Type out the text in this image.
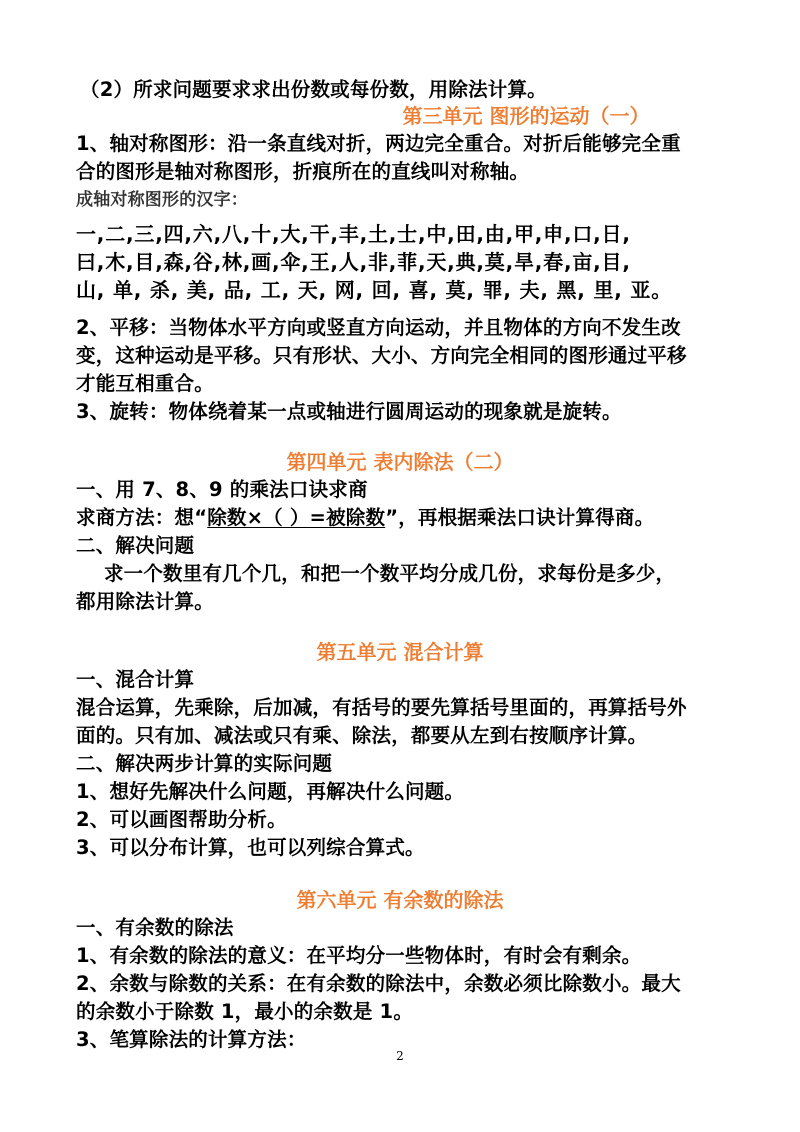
（2）所求问题要求求出份数或每份数，用除法计算。
第三单元 图形的运动（一）
1、轴对称图形：沿一条直线对折，两边完全重合。对折后能够完全重
合的图形是轴对称图形，折痕所在的直线叫对称轴。
成轴对称图形的汉字：
一,二,三,四,六,八,十,大,干,丰,土,士,中,田,由,甲,申,口,日,
曰,木,目,森,谷,林,画,伞,王,人,非,菲,天,典,莫,旱,春,亩,目,
山, 单, 杀, 美, 品, 工, 天, 网, 回, 喜, 莫, 罪, 夫, 黑, 里, 亚。
2、平移：当物体水平方向或竖直方向运动，并且物体的方向不发生改
变，这种运动是平移。只有形状、大小、方向完全相同的图形通过平移
才能互相重合。
3、旋转：物体绕着某一点或轴进行圆周运动的现象就是旋转。
第四单元 表内除法（二）
一、用 7、8、9 的乘法口诀求商
求商方法：想“除数×（ ）=被除数”，再根据乘法口诀计算得商。
二、解决问题
求一个数里有几个几，和把一个数平均分成几份，求每份是多少，
都用除法计算。
第五单元 混合计算
一、混合计算
混合运算，先乘除，后加减，有括号的要先算括号里面的，再算括号外
面的。只有加、减法或只有乘、除法，都要从左到右按顺序计算。
二、解决两步计算的实际问题
1、想好先解决什么问题，再解决什么问题。
2、可以画图帮助分析。
3、可以分布计算，也可以列综合算式。
第六单元 有余数的除法
一、有余数的除法
1、有余数的除法的意义：在平均分一些物体时，有时会有剩余。
2、余数与除数的关系：在有余数的除法中，余数必须比除数小。最大
的余数小于除数 1，最小的余数是 1。
3、笔算除法的计算方法：
2
